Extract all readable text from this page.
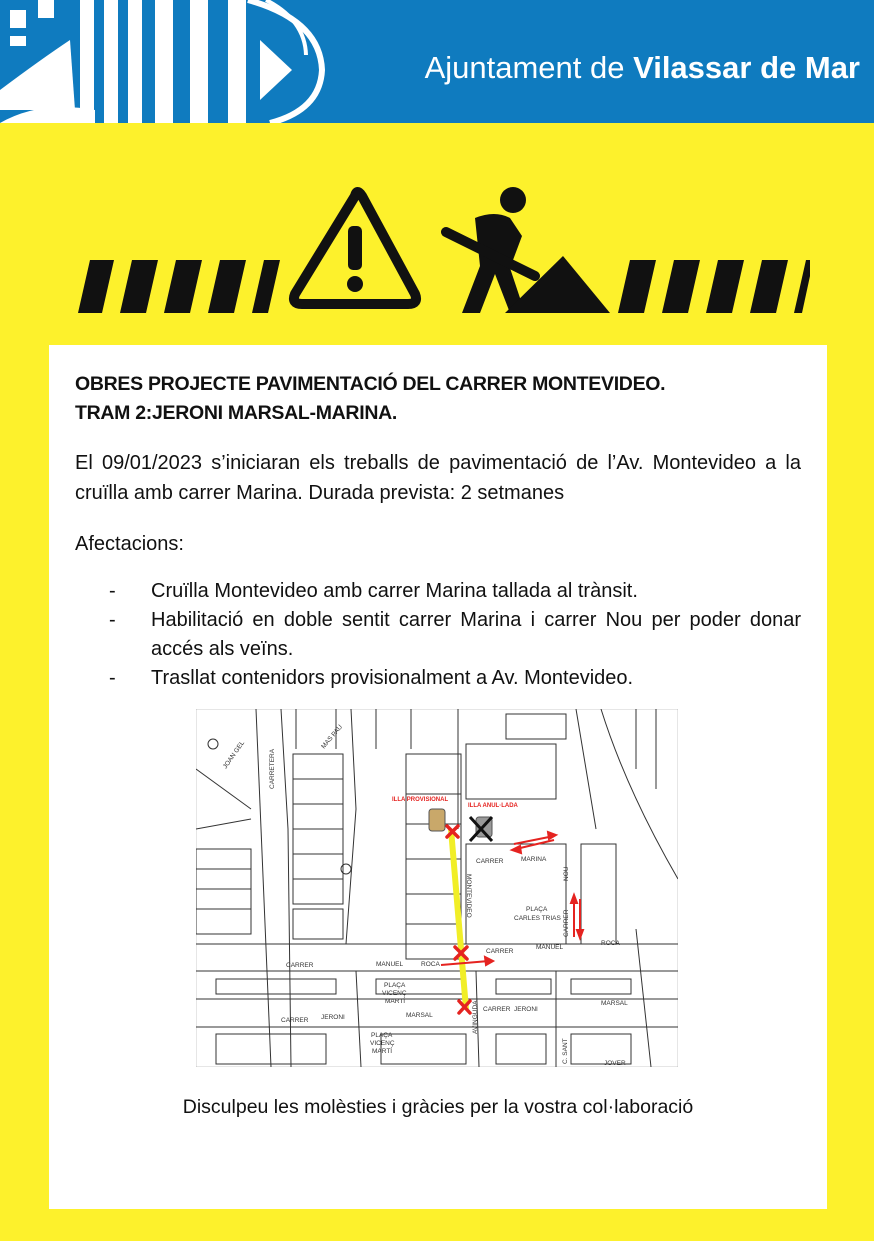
Ajuntament de Vilassar de Mar
OBRES PROJECTE PAVIMENTACIÓ DEL CARRER MONTEVIDEO.
TRAM 2:JERONI MARSAL-MARINA.
El 09/01/2023 s’iniciaran els treballs de pavimentació de l’Av. Montevideo a la cruïlla amb carrer Marina. Durada prevista: 2 setmanes
Afectacions:
- Cruïlla Montevideo amb carrer Marina tallada al trànsit.
- Habilitació en doble sentit carrer Marina i carrer Nou per poder donar accés als veïns.
- Trasllat contenidors provisionalment a Av. Montevideo.
CARRER	MARINA
MONTEVIDEO
AVINGUDA
PLAÇA
CARLES TRIAS CARRER
NOU
CARRER
MANUEL
ROCA
CARRER	MANUEL	ROCA
PLAÇA
VICENÇ
MARTÍ
CARRER JERONI	MARSAL
CARRER JERONI
MARSAL
PLAÇA
VICENÇ
MARTÍ
CARRETERA
JOVER
C. SANT
MAS PAU
JOAN GEL
ILLA PROVISIONAL
ILLA ANUL·LADA
Disculpeu les molèsties i gràcies per la vostra col·laboració
